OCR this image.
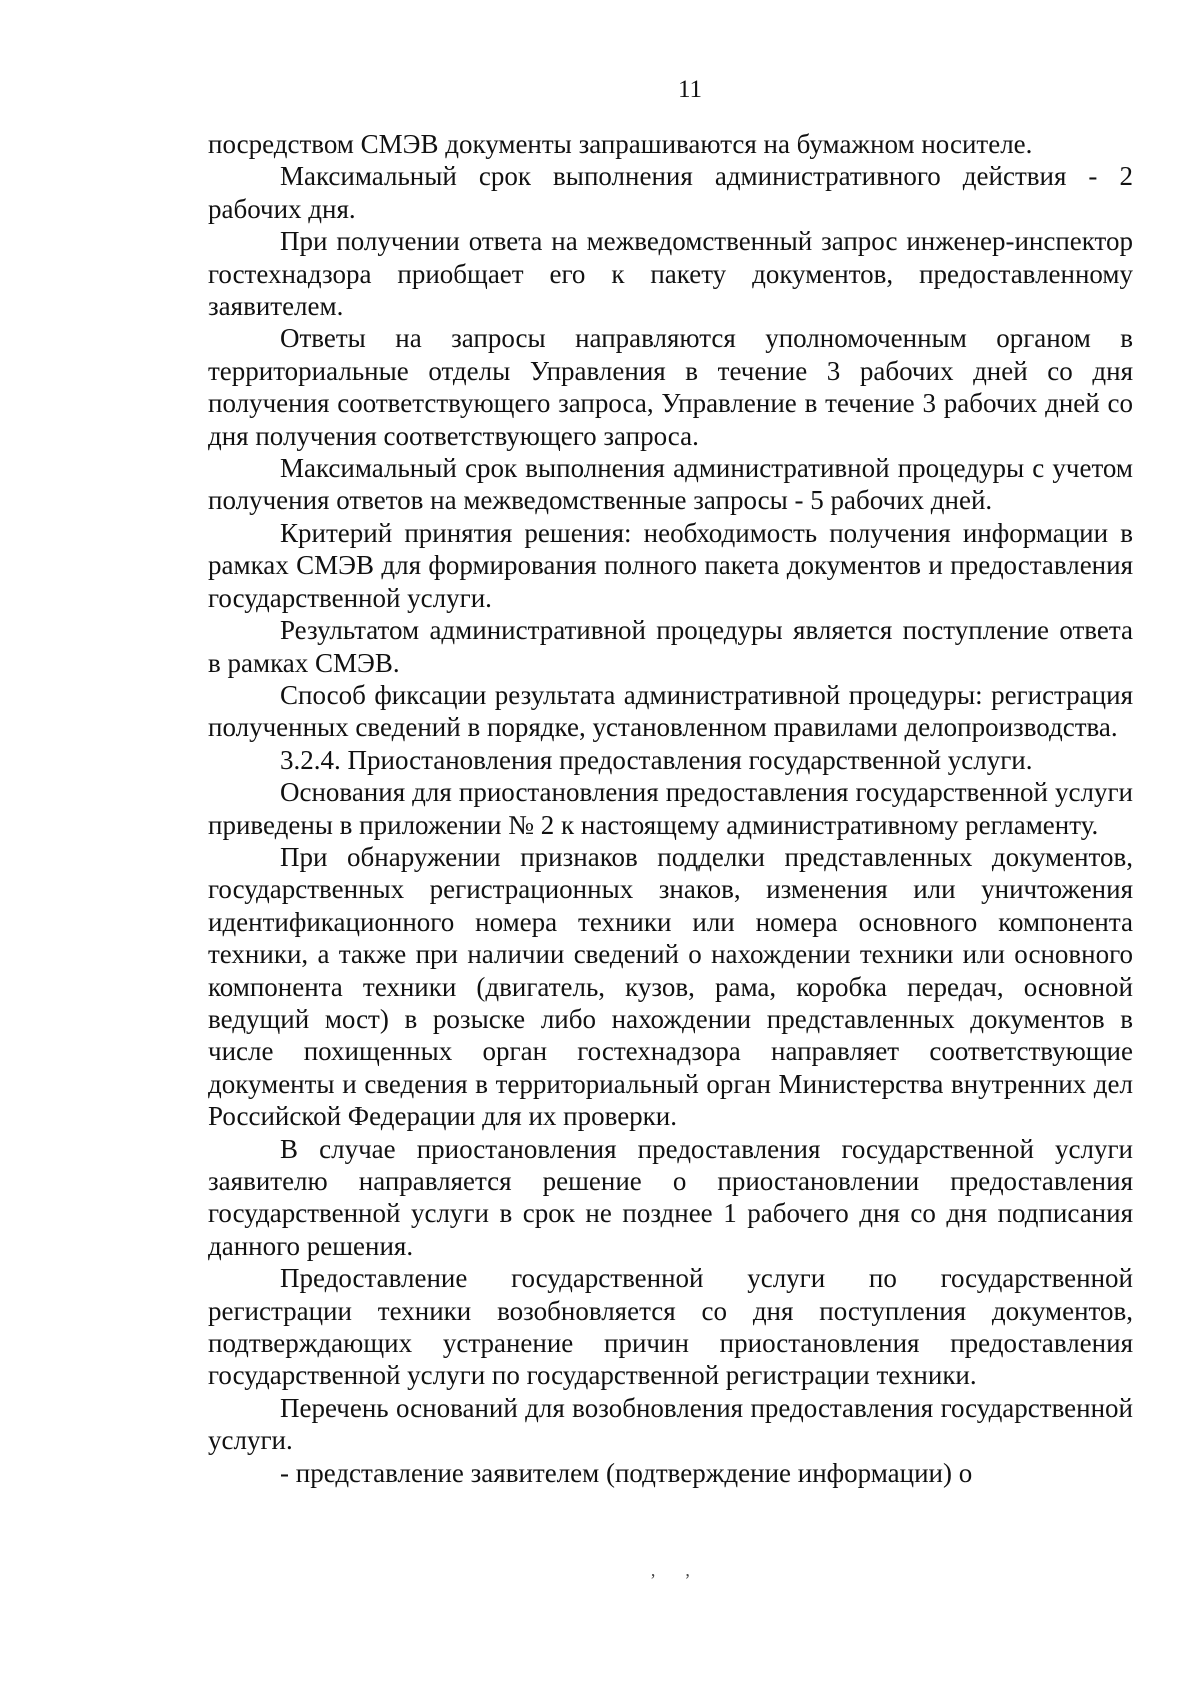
11

посредством СМЭВ документы запрашиваются на бумажном носителе.

Максимальный срок выполнения административного действия - 2 рабочих дня.

При получении ответа на межведомственный запрос инженер-инспектор гостехнадзора приобщает его к пакету документов, предоставленному заявителем.

Ответы на запросы направляются уполномоченным органом в территориальные отделы Управления в течение 3 рабочих дней со дня получения соответствующего запроса, Управление в течение 3 рабочих дней со дня получения соответствующего запроса.

Максимальный срок выполнения административной процедуры с учетом получения ответов на межведомственные запросы - 5 рабочих дней.

Критерий принятия решения: необходимость получения информации в рамках СМЭВ для формирования полного пакета документов и предоставления государственной услуги.

Результатом административной процедуры является поступление ответа в рамках СМЭВ.

Способ фиксации результата административной процедуры: регистрация полученных сведений в порядке, установленном правилами делопроизводства.

3.2.4. Приостановления предоставления государственной услуги.

Основания для приостановления предоставления государственной услуги приведены в приложении № 2 к настоящему административному регламенту.

При обнаружении признаков подделки представленных документов, государственных регистрационных знаков, изменения или уничтожения идентификационного номера техники или номера основного компонента техники, а также при наличии сведений о нахождении техники или основного компонента техники (двигатель, кузов, рама, коробка передач, основной ведущий мост) в розыске либо нахождении представленных документов в числе похищенных орган гостехнадзора направляет соответствующие документы и сведения в территориальный орган Министерства внутренних дел Российской Федерации для их проверки.

В случае приостановления предоставления государственной услуги заявителю направляется решение о приостановлении предоставления государственной услуги в срок не позднее 1 рабочего дня со дня подписания данного решения.

Предоставление государственной услуги по государственной регистрации техники возобновляется со дня поступления документов, подтверждающих устранение причин приостановления предоставления государственной услуги по государственной регистрации техники.

Перечень оснований для возобновления предоставления государственной услуги.

- представление заявителем (подтверждение информации) о

‚ ‚
